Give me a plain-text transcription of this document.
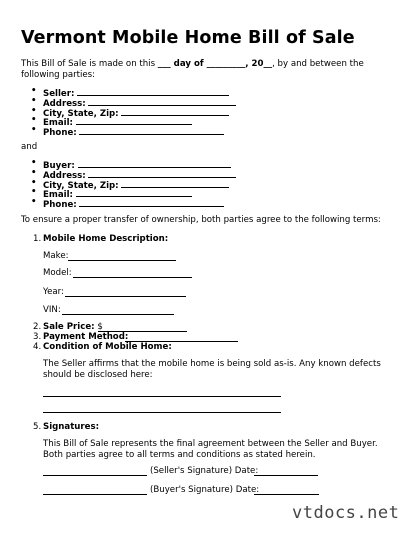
Vermont Mobile Home Bill of Sale
This Bill of Sale is made on this ___ day of _________, 20__, by and between the following parties:
• Seller:
• Address:
• City, State, Zip:
• Email:
• Phone:
and
• Buyer:
• Address:
• City, State, Zip:
• Email:
• Phone:
To ensure a proper transfer of ownership, both parties agree to the following terms:
1. Mobile Home Description:
Make:
Model:
Year:
VIN:
2. Sale Price: $
3. Payment Method:
4. Condition of Mobile Home:
The Seller affirms that the mobile home is being sold as-is. Any known defects should be disclosed here:
5. Signatures:
This Bill of Sale represents the final agreement between the Seller and Buyer. Both parties agree to all terms and conditions as stated herein.
(Seller's Signature) Date:
(Buyer's Signature) Date:
vtdocs.net
